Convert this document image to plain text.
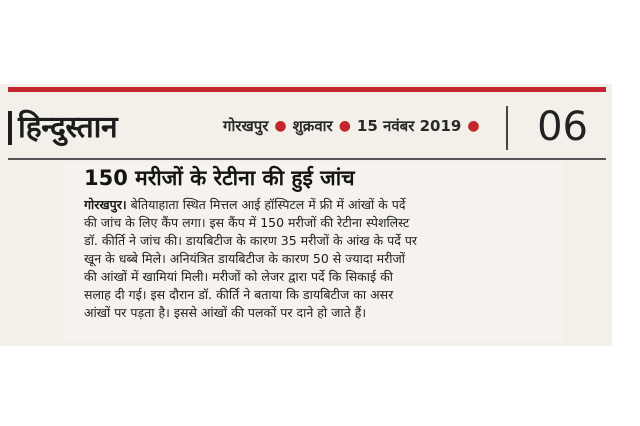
हिन्दुस्तान	गोरखपुर ● शुक्रवार ● 15 नवंबर 2019 ● 06
150 मरीजों के रेटीना की हुई जांच
गोरखपुर। बेतियाहाता स्थित मित्तल आई हॉस्पिटल में फ्री में आंखों के पर्दे
की जांच के लिए कैंप लगा। इस कैंप में 150 मरीजों की रेटीना स्पेशलिस्ट
डॉ. कीर्ति ने जांच की। डायबिटीज के कारण 35 मरीजों के आंख के पर्दे पर
खून के धब्बे मिले। अनियंत्रित डायबिटीज के कारण 50 से ज्यादा मरीजों
की आंखों में खामियां मिली। मरीजों को लेजर द्वारा पर्दे कि सिकाई की
सलाह दी गई। इस दौरान डॉ. कीर्ति ने बताया कि डायबिटीज का असर
आंखों पर पड़ता है। इससे आंखों की पलकों पर दाने हो जाते हैं।
